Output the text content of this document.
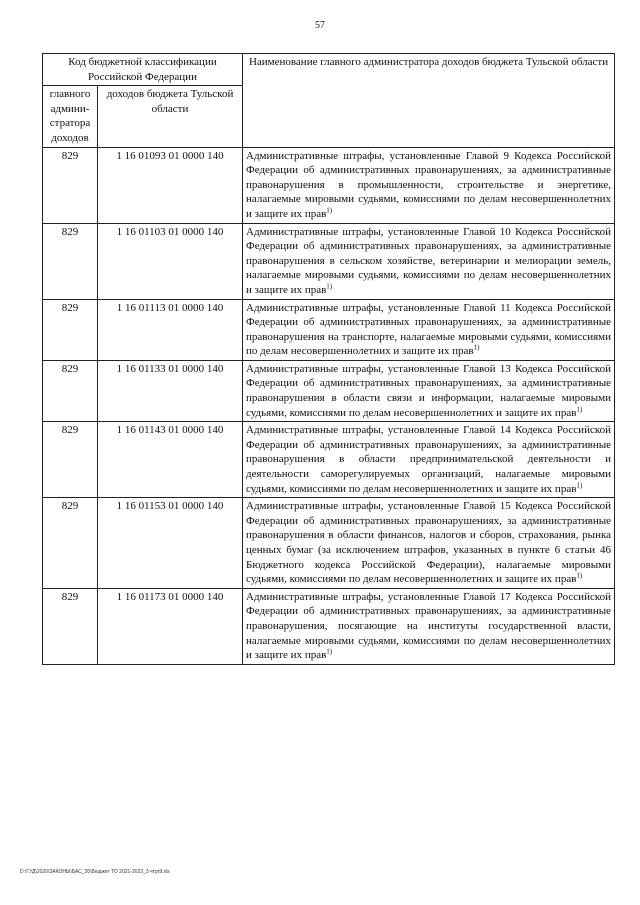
57
Код бюджетной классификации Российской Федерации		Наименование главного администратора доходов бюджета Тульской области
главного админи-стратора доходов	доходов бюджета Тульской области	
829	1 16 01093 01 0000 140	Административные штрафы, установленные Главой 9 Кодекса Российской Федерации об административных правонарушениях, за административные правонарушения в промышленности, строительстве и энергетике, налагаемые мировыми судьями, комиссиями по делам несовершеннолетних и защите их прав$^{1)}$
829	1 16 01103 01 0000 140	Административные штрафы, установленные Главой 10 Кодекса Российской Федерации об административных правонарушениях, за административные правонарушения в сельском хозяйстве, ветеринарии и мелиорации земель, налагаемые мировыми судьями, комиссиями по делам несовершеннолетних и защите их прав$^{1)}$
829	1 16 01113 01 0000 140	Административные штрафы, установленные Главой 11 Кодекса Российской Федерации об административных правонарушениях, за административные правонарушения на транспорте, налагаемые мировыми судьями, комиссиями по делам несовершеннолетних и защите их прав$^{1)}$
829	1 16 01133 01 0000 140	Административные штрафы, установленные Главой 13 Кодекса Российской Федерации об административных правонарушениях, за административные правонарушения в области связи и информации, налагаемые мировыми судьями, комиссиями по делам несовершеннолетних и защите их прав$^{1)}$
829	1 16 01143 01 0000 140	Административные штрафы, установленные Главой 14 Кодекса Российской Федерации об административных правонарушениях, за административные правонарушения в области предпринимательской деятельности и деятельности саморегулируемых организаций, налагаемые мировыми судьями, комиссиями по делам несовершеннолетних и защите их прав$^{1)}$
829	1 16 01153 01 0000 140	Административные штрафы, установленные Главой 15 Кодекса Российской Федерации об административных правонарушениях, за административные правонарушения в области финансов, налогов и сборов, страхования, рынка ценных бумаг (за исключением штрафов, указанных в пункте 6 статьи 46 Бюджетного кодекса Российской Федерации), налагаемые мировыми судьями, комиссиями по делам несовершеннолетних и защите их прав$^{1)}$
829	1 16 01173 01 0000 140	Административные штрафы, установленные Главой 17 Кодекса Российской Федерации об административных правонарушениях, за административные правонарушения, посягающие на институты государственной власти, налагаемые мировыми судьями, комиссиями по делам несовершеннолетних и защите их прав$^{1)}$
D:\ГУД\2020\ЗАКОНЫ\БАС_20\Бюджет ТО 2021-2023_3 чтpr9.xls
